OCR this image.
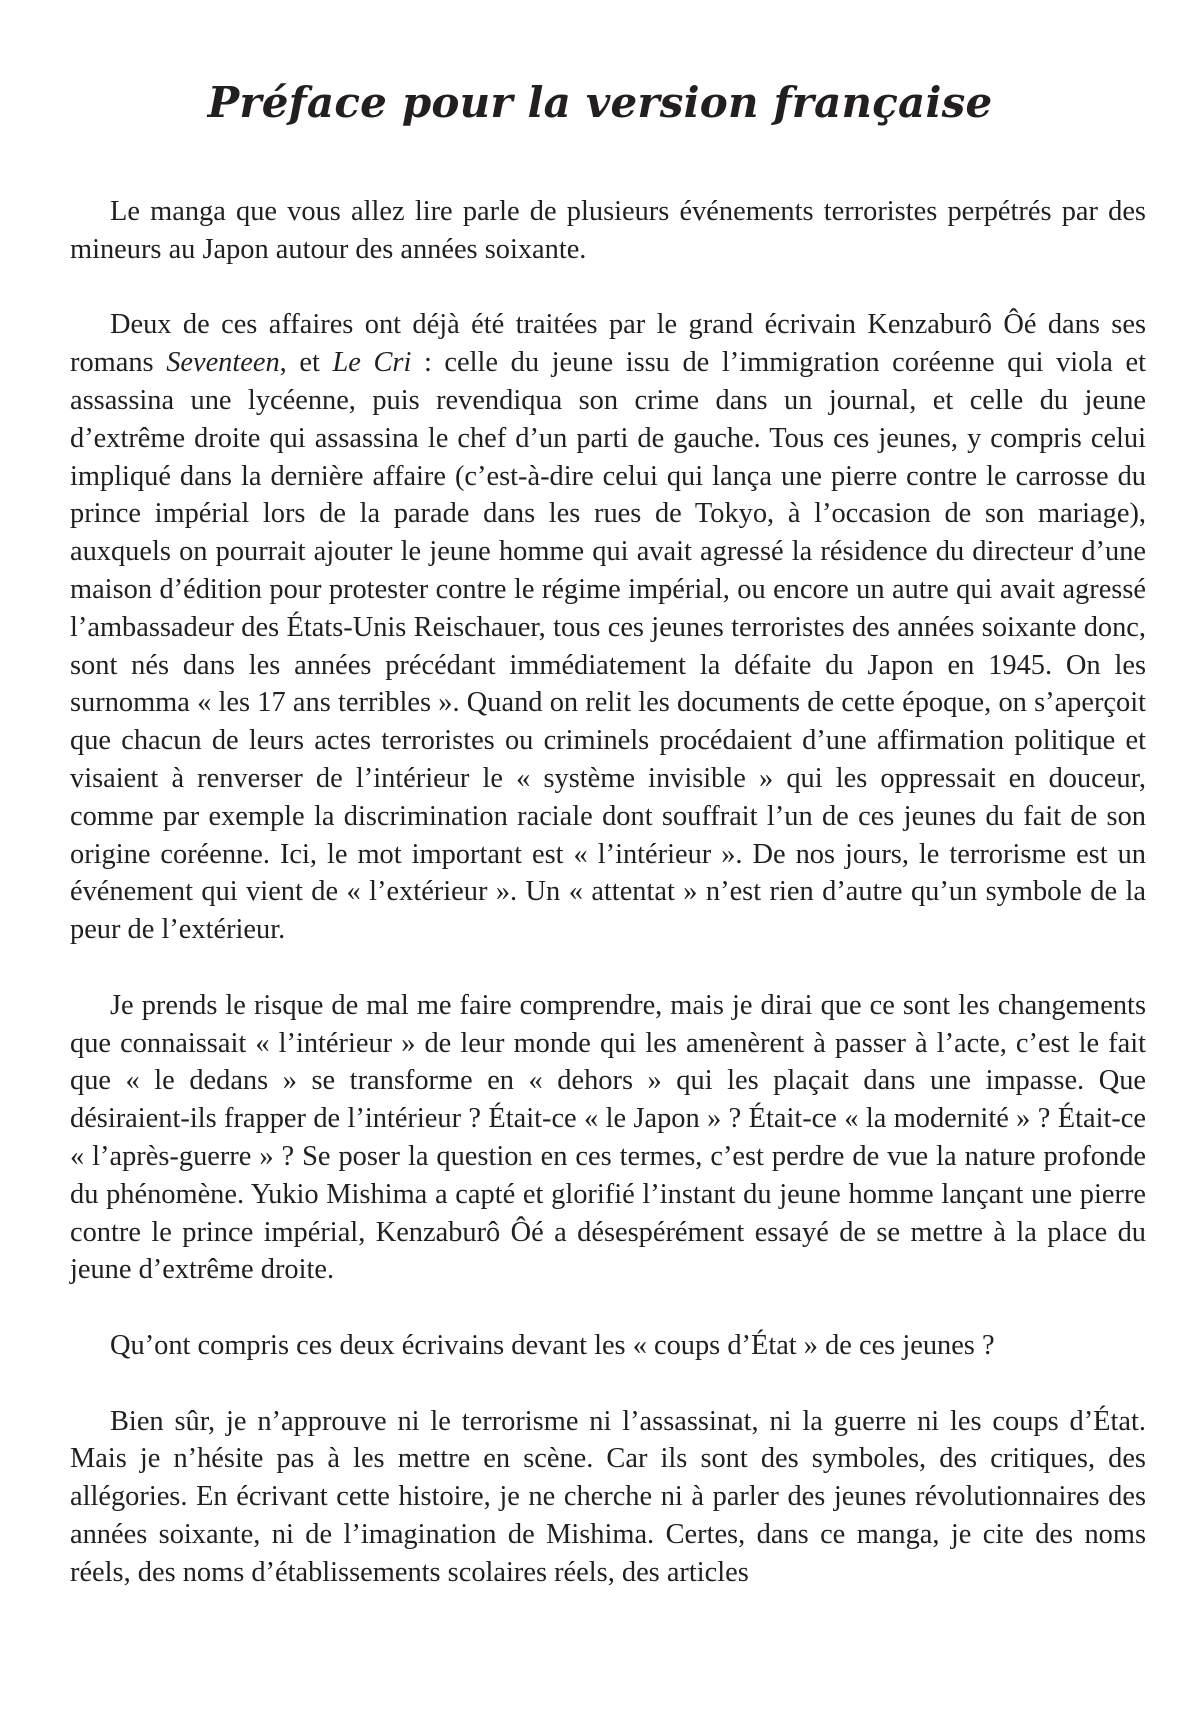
Préface pour la version française

Le manga que vous allez lire parle de plusieurs événements terroristes perpétrés par des mineurs au Japon autour des années soixante.

Deux de ces affaires ont déjà été traitées par le grand écrivain Kenzaburô Ôé dans ses romans Seventeen, et Le Cri : celle du jeune issu de l’immigration coréenne qui viola et assassina une lycéenne, puis revendiqua son crime dans un journal, et celle du jeune d’extrême droite qui assassina le chef d’un parti de gauche. Tous ces jeunes, y compris celui impliqué dans la dernière affaire (c’est-à-dire celui qui lança une pierre contre le carrosse du prince impérial lors de la parade dans les rues de Tokyo, à l’occasion de son mariage), auxquels on pourrait ajouter le jeune homme qui avait agressé la résidence du directeur d’une maison d’édition pour protester contre le régime impérial, ou encore un autre qui avait agressé l’ambassadeur des États-Unis Reischauer, tous ces jeunes terroristes des années soixante donc, sont nés dans les années précédant immédiatement la défaite du Japon en 1945. On les surnomma « les 17 ans terribles ». Quand on relit les documents de cette époque, on s’aperçoit que chacun de leurs actes terroristes ou criminels procédaient d’une affirmation politique et visaient à renverser de l’intérieur le « système invisible » qui les oppressait en douceur, comme par exemple la discrimination raciale dont souffrait l’un de ces jeunes du fait de son origine coréenne. Ici, le mot important est « l’intérieur ». De nos jours, le terrorisme est un événement qui vient de « l’extérieur ». Un « attentat » n’est rien d’autre qu’un symbole de la peur de l’extérieur.

Je prends le risque de mal me faire comprendre, mais je dirai que ce sont les changements que connaissait « l’intérieur » de leur monde qui les amenèrent à passer à l’acte, c’est le fait que « le dedans » se transforme en « dehors » qui les plaçait dans une impasse. Que désiraient-ils frapper de l’intérieur ? Était-ce « le Japon » ? Était-ce « la modernité » ? Était-ce « l’après-guerre » ? Se poser la question en ces termes, c’est perdre de vue la nature profonde du phénomène. Yukio Mishima a capté et glorifié l’instant du jeune homme lançant une pierre contre le prince impérial, Kenzaburô Ôé a désespérément essayé de se mettre à la place du jeune d’extrême droite.

Qu’ont compris ces deux écrivains devant les « coups d’État » de ces jeunes ?

Bien sûr, je n’approuve ni le terrorisme ni l’assassinat, ni la guerre ni les coups d’État. Mais je n’hésite pas à les mettre en scène. Car ils sont des symboles, des critiques, des allégories. En écrivant cette histoire, je ne cherche ni à parler des jeunes révolutionnaires des années soixante, ni de l’imagination de Mishima. Certes, dans ce manga, je cite des noms réels, des noms d’établissements scolaires réels, des articles
